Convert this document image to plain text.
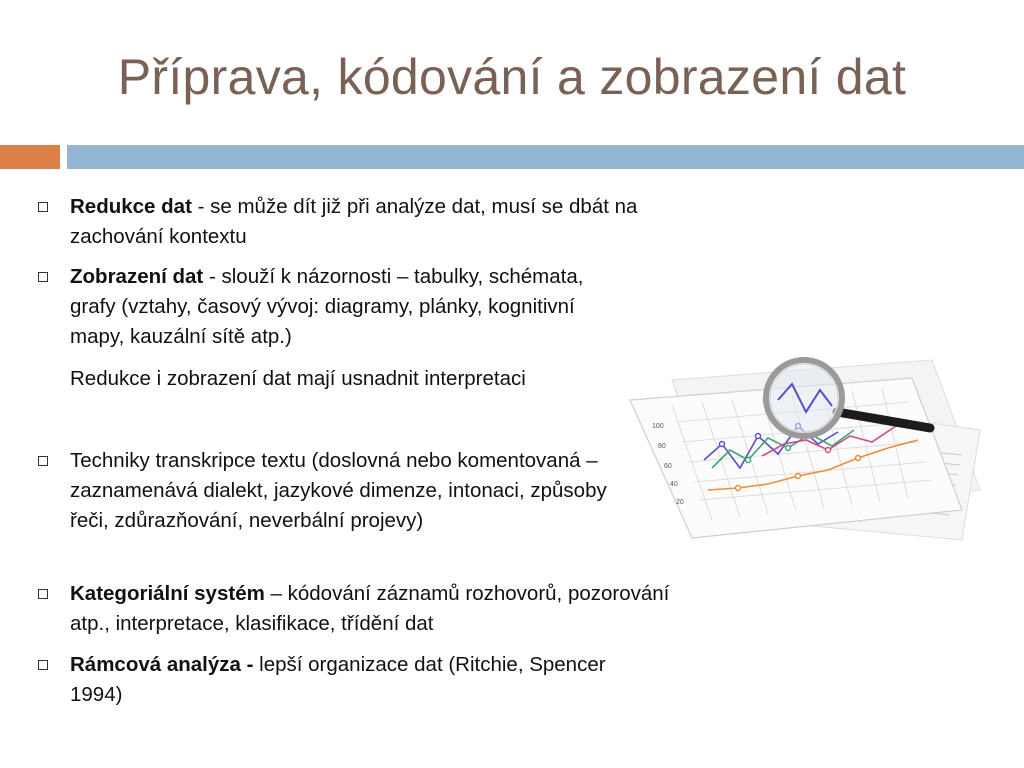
Příprava, kódování a zobrazení dat
Redukce dat - se může dít již při analýze dat, musí se dbát na zachování kontextu
Zobrazení dat - slouží k názornosti – tabulky, schémata, grafy (vztahy, časový vývoj: diagramy, plánky, kognitivní mapy, kauzální sítě atp.)
Redukce i zobrazení dat mají usnadnit interpretaci
Techniky transkripce textu (doslovná nebo komentovaná – zaznamenává dialekt, jazykové dimenze, intonaci, způsoby řeči, zdůrazňování, neverbální projevy)
Kategoriální systém – kódování záznamů rozhovorů, pozorování atp., interpretace, klasifikace, třídění dat
Rámcová analýza - lepší organizace dat (Ritchie, Spencer 1994)
100
80
60
40
20
